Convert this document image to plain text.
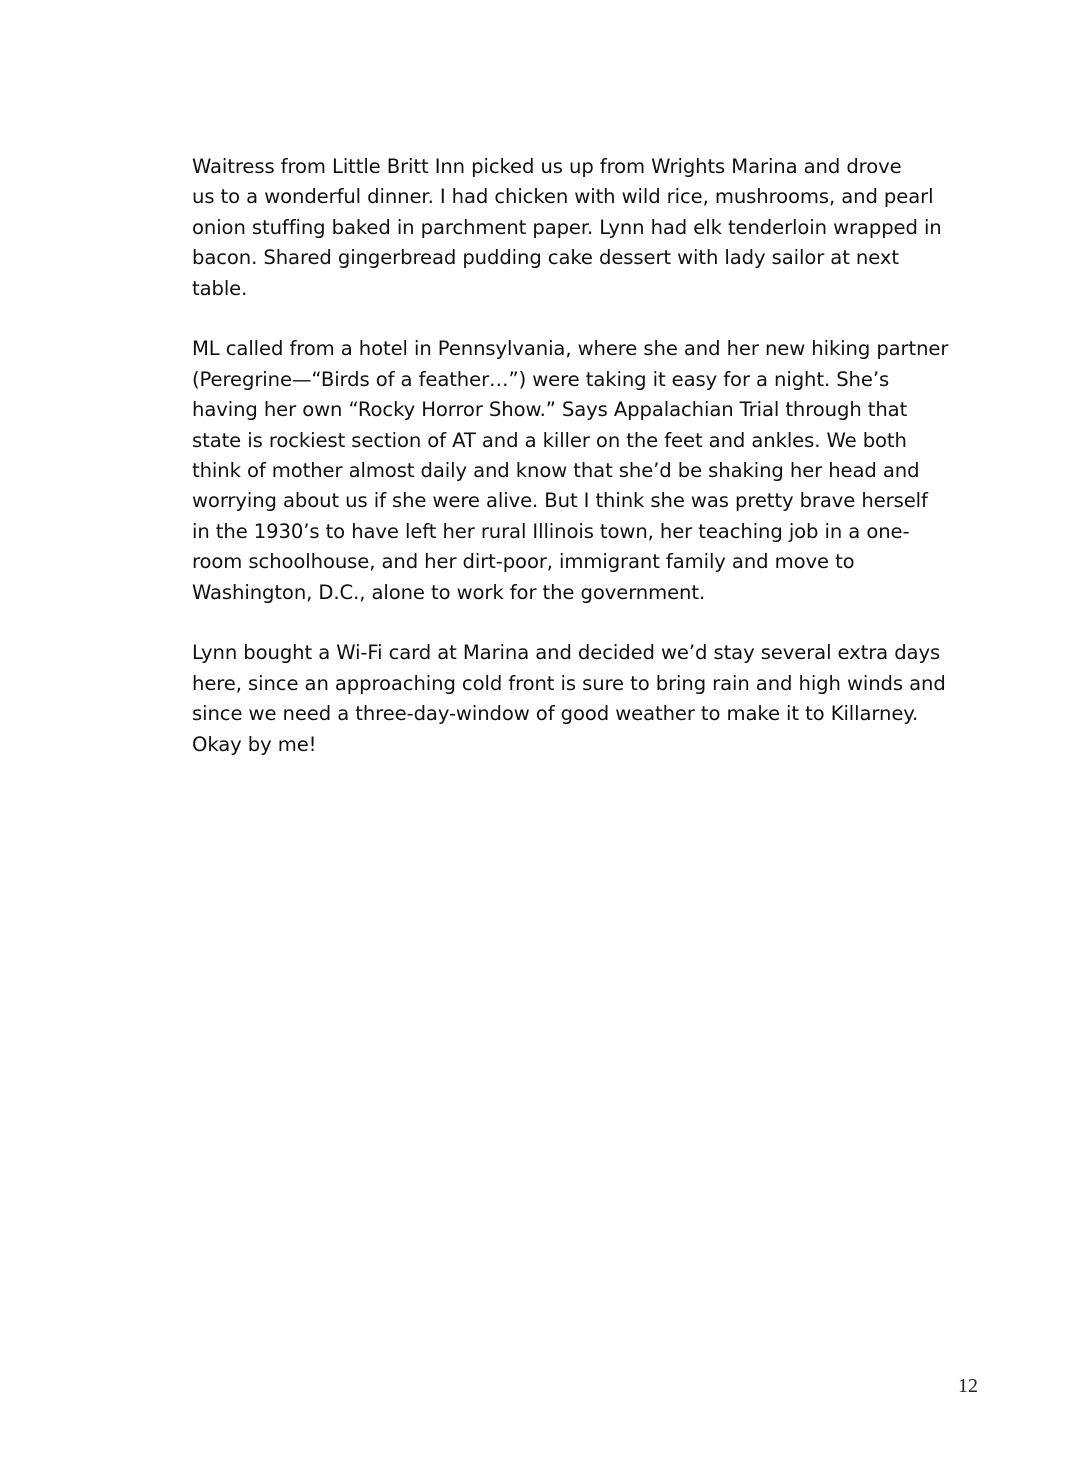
Waitress from Little Britt Inn picked us up from Wrights Marina and drove
us to a wonderful dinner. I had chicken with wild rice, mushrooms, and pearl
onion stuffing baked in parchment paper. Lynn had elk tenderloin wrapped in
bacon. Shared gingerbread pudding cake dessert with lady sailor at next
table.

ML called from a hotel in Pennsylvania, where she and her new hiking partner
(Peregrine—“Birds of a feather…”) were taking it easy for a night. She’s
having her own “Rocky Horror Show.” Says Appalachian Trial through that
state is rockiest section of AT and a killer on the feet and ankles. We both
think of mother almost daily and know that she’d be shaking her head and
worrying about us if she were alive. But I think she was pretty brave herself
in the 1930’s to have left her rural Illinois town, her teaching job in a one-
room schoolhouse, and her dirt-poor, immigrant family and move to
Washington, D.C., alone to work for the government.

Lynn bought a Wi-Fi card at Marina and decided we’d stay several extra days
here, since an approaching cold front is sure to bring rain and high winds and
since we need a three-day-window of good weather to make it to Killarney.
Okay by me!

12
